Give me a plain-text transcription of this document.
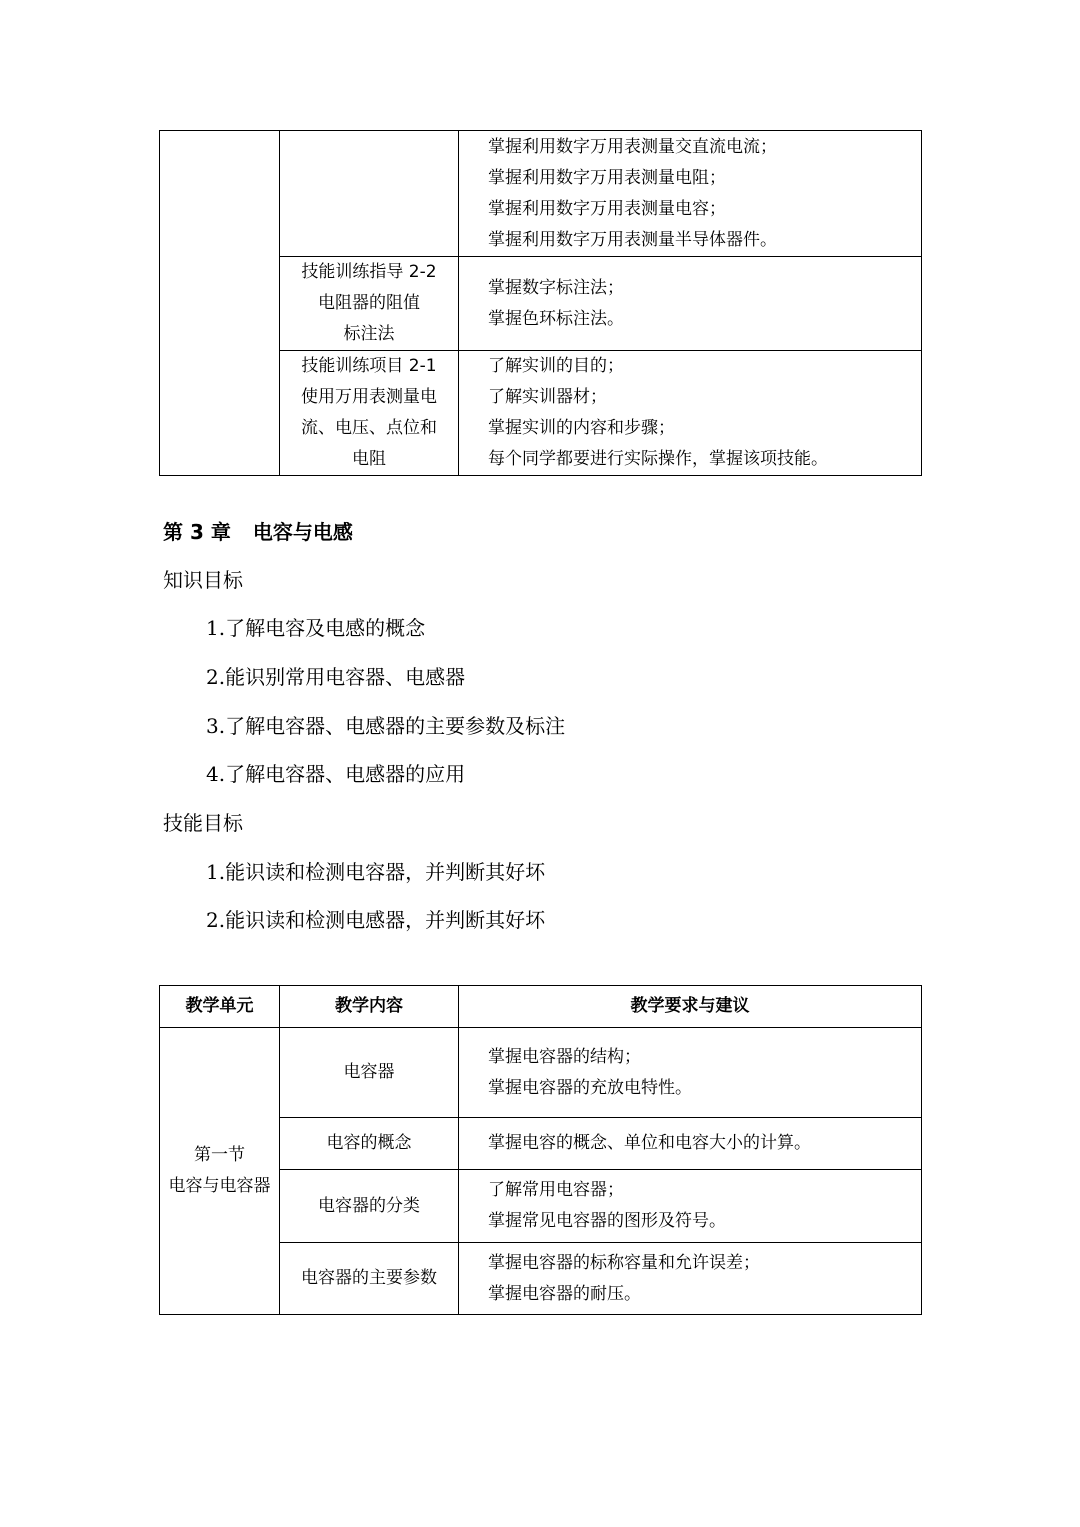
		掌握利用数字万用表测量交直流电流；
掌握利用数字万用表测量电阻；
掌握利用数字万用表测量电容；
掌握利用数字万用表测量半导体器件。

	技能训练指导 2-2
电阻器的阻值
标注法	掌握数字标注法；
掌握色环标注法。

	技能训练项目 2-1
使用万用表测量电
流、电压、点位和
电阻	了解实训的目的；
了解实训器材；
掌握实训的内容和步骤；
每个同学都要进行实际操作，掌握该项技能。
第 3 章 电容与电感
知识目标
1.了解电容及电感的概念
2.能识别常用电容器、电感器
3.了解电容器、电感器的主要参数及标注
4.了解电容器、电感器的应用
技能目标
1.能识读和检测电容器，并判断其好坏
2.能识读和检测电感器，并判断其好坏
教学单元	教学内容	教学要求与建议

第一节
电容与电容器	电容器	掌握电容器的结构；
掌握电容器的充放电特性。

	电容的概念	掌握电容的概念、单位和电容大小的计算。

	电容器的分类	了解常用电容器；
掌握常见电容器的图形及符号。

	电容器的主要参数	掌握电容器的标称容量和允许误差；
掌握电容器的耐压。
